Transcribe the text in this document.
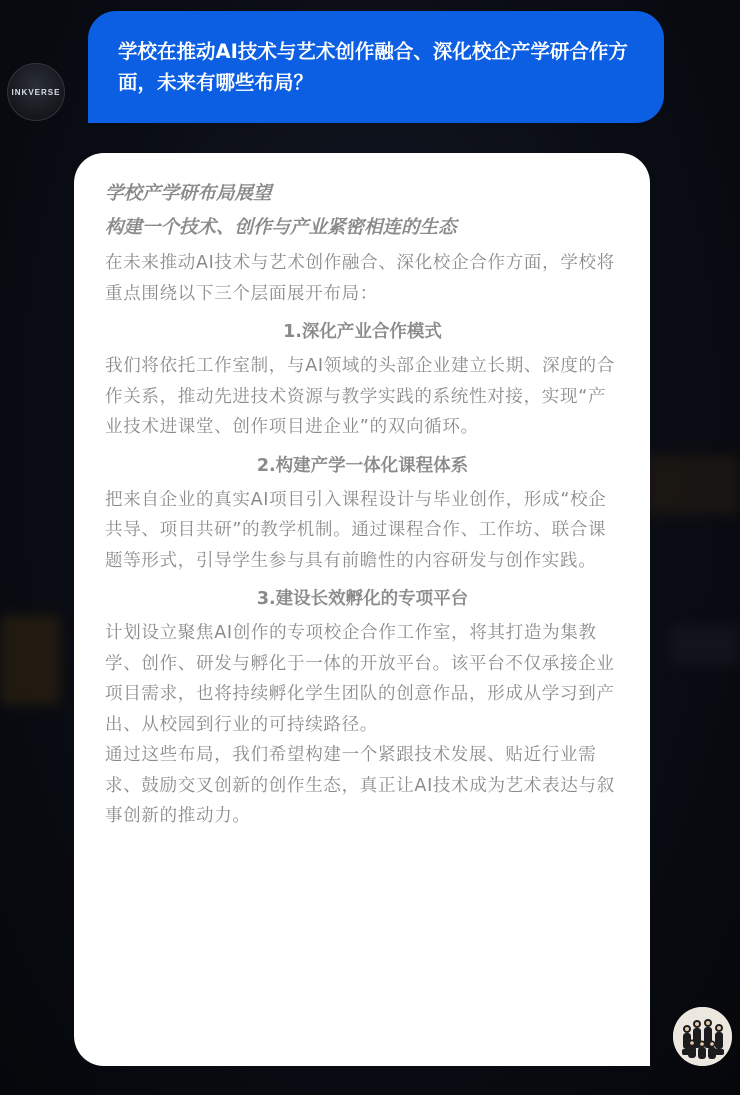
INKVERSE
学校在推动AI技术与艺术创作融合、深化校企产学研合作方面，未来有哪些布局？

学校产学研布局展望

构建一个技术、创作与产业紧密相连的生态

在未来推动AI技术与艺术创作融合、深化校企合作方面，学校将重点围绕以下三个层面展开布局：

1.深化产业合作模式

我们将依托工作室制，与AI领域的头部企业建立长期、深度的合作关系，推动先进技术资源与教学实践的系统性对接，实现“产业技术进课堂、创作项目进企业”的双向循环。

2.构建产学一体化课程体系

把来自企业的真实AI项目引入课程设计与毕业创作，形成“校企共导、项目共研”的教学机制。通过课程合作、工作坊、联合课题等形式，引导学生参与具有前瞻性的内容研发与创作实践。

3.建设长效孵化的专项平台

计划设立聚焦AI创作的专项校企合作工作室，将其打造为集教学、创作、研发与孵化于一体的开放平台。该平台不仅承接企业项目需求，也将持续孵化学生团队的创意作品，形成从学习到产出、从校园到行业的可持续路径。

通过这些布局，我们希望构建一个紧跟技术发展、贴近行业需求、鼓励交叉创新的创作生态，真正让AI技术成为艺术表达与叙事创新的推动力。
